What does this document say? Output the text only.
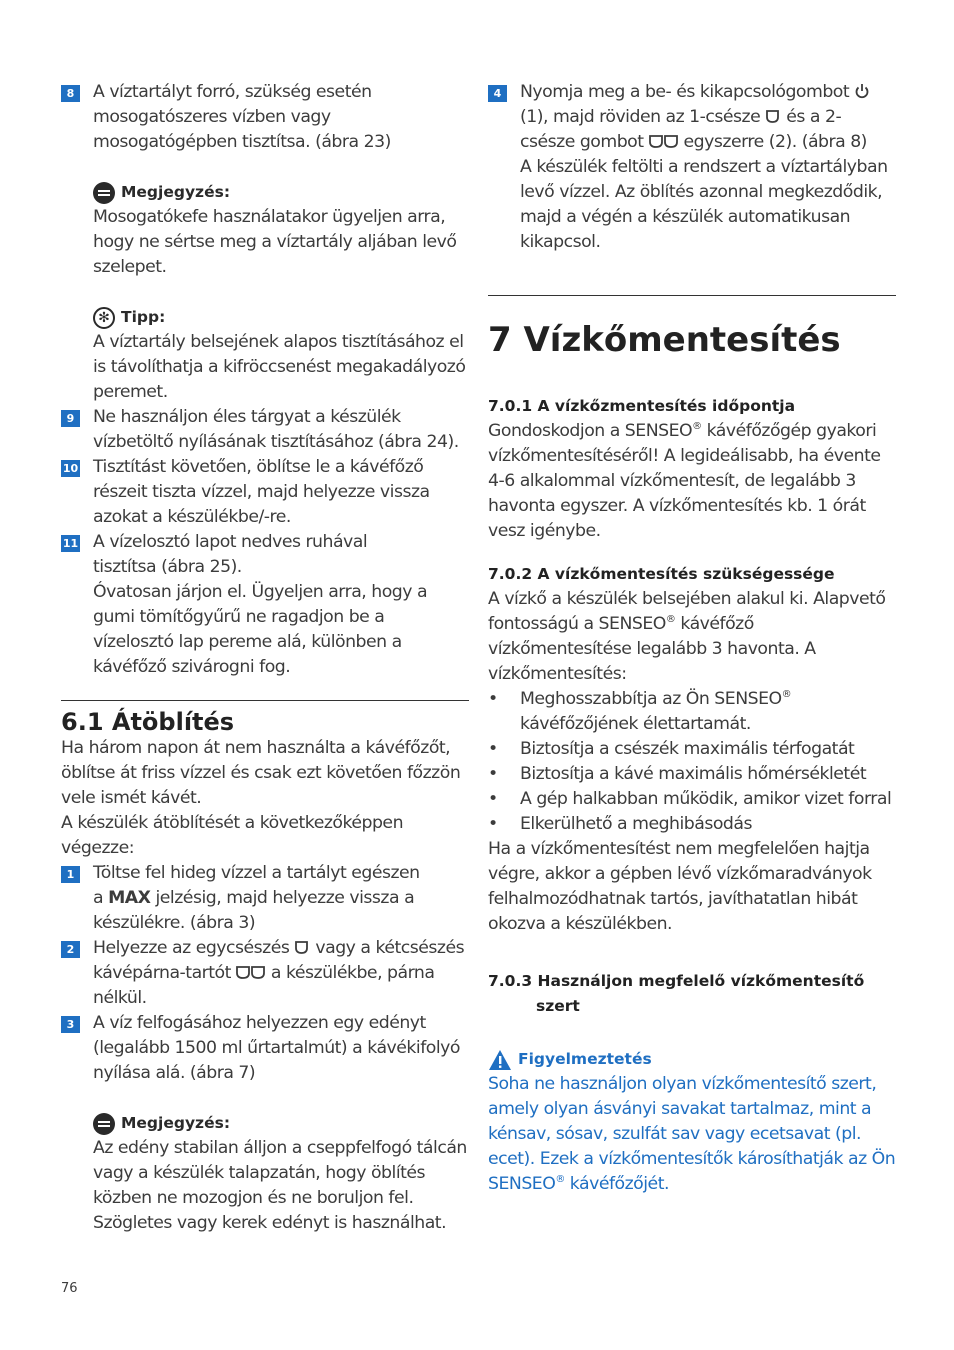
8	A víztartályt forró, szükség esetén mosogatószeres vízben vagy mosogatógépben tisztítsa. (ábra 23)
Megjegyzés:
Mosogatókefe használatakor ügyeljen arra, hogy ne sértse meg a víztartály aljában levő szelepet.
✻ Tipp:
A víztartály belsejének alapos tisztításához el is távolíthatja a kifröccsenést megakadályozó peremet.
9	Ne használjon éles tárgyat a készülék vízbetöltő nyílásának tisztításához (ábra 24).
10 Tisztítást követően, öblítse le a kávéfőző részeit tiszta vízzel, majd helyezze vissza azokat a készülékbe/-re.
11 A vízelosztó lapot nedves ruhával
tisztítsa (ábra 25).
Óvatosan járjon el. Ügyeljen arra, hogy a gumi tömítőgyűrű ne ragadjon be a vízelosztó lap pereme alá, különben a kávéfőző szivárogni fog.
6.1 Átöblítés
Ha három napon át nem használta a kávéfőzőt, öblítse át friss vízzel és csak ezt követően főzzön vele ismét kávét.
A készülék átöblítését a következőképpen végezze:
1	Töltse fel hideg vízzel a tartályt egészen
a MAX jelzésig, majd helyezze vissza a készülékre. (ábra 3)
2	Helyezze az egycsészés vagy a kétcsészés kávépárna-tartót a készülékbe, párna nélkül.
3	A víz felfogásához helyezzen egy edényt (legalább 1500 ml űrtartalmút) a kávékifolyó nyílása alá. (ábra 7)
Megjegyzés:
Az edény stabilan álljon a cseppfelfogó tálcán vagy a készülék talapzatán, hogy öblítés közben ne mozogjon és ne boruljon fel. Szögletes vagy kerek edényt is használhat.
4	Nyomja meg a be- és kikapcsológombot  (1), majd röviden az 1-csésze és a 2-csésze gombot egyszerre (2). (ábra 8)
A készülék feltölti a rendszert a víztartályban levő vízzel. Az öblítés azonnal megkezdődik, majd a végén a készülék automatikusan kikapcsol.
7 Vízkőmentesítés
7.0.1 A vízkőzmentesítés időpontja
Gondoskodjon a SENSEO® kávéfőzőgép gyakori vízkőmentesítéséről! A legideálisabb, ha évente 4-6 alkalommal vízkőmentesít, de legalább 3 havonta egyszer. A vízkőmentesítés kb. 1 órát vesz igénybe.
7.0.2 A vízkőmentesítés szükségessége
A vízkő a készülék belsejében alakul ki. Alapvető fontosságú a SENSEO® kávéfőző vízkőmentesítése legalább 3 havonta. A vízkőmentesítés:
• Meghosszabbítja az Ön SENSEO®
kávéfőzőjének élettartamát.
• Biztosítja a csészék maximális térfogatát
• Biztosítja a kávé maximális hőmérsékletét
• A gép halkabban működik, amikor vizet forral
• Elkerülhető a meghibásodás
Ha a vízkőmentesítést nem megfelelően hajtja végre, akkor a gépben lévő vízkőmaradványok felhalmozódhatnak tartós, javíthatatlan hibát okozva a készülékben.
7.0.3 Használjon megfelelő vízkőmentesítő
szert
Figyelmeztetés
Soha ne használjon olyan vízkőmentesítő szert, amely olyan ásványi savakat tartalmaz, mint a kénsav, sósav, szulfát sav vagy ecetsavat (pl. ecet). Ezek a vízkőmentesítők károsíthatják az Ön SENSEO® kávéfőzőjét.
76
